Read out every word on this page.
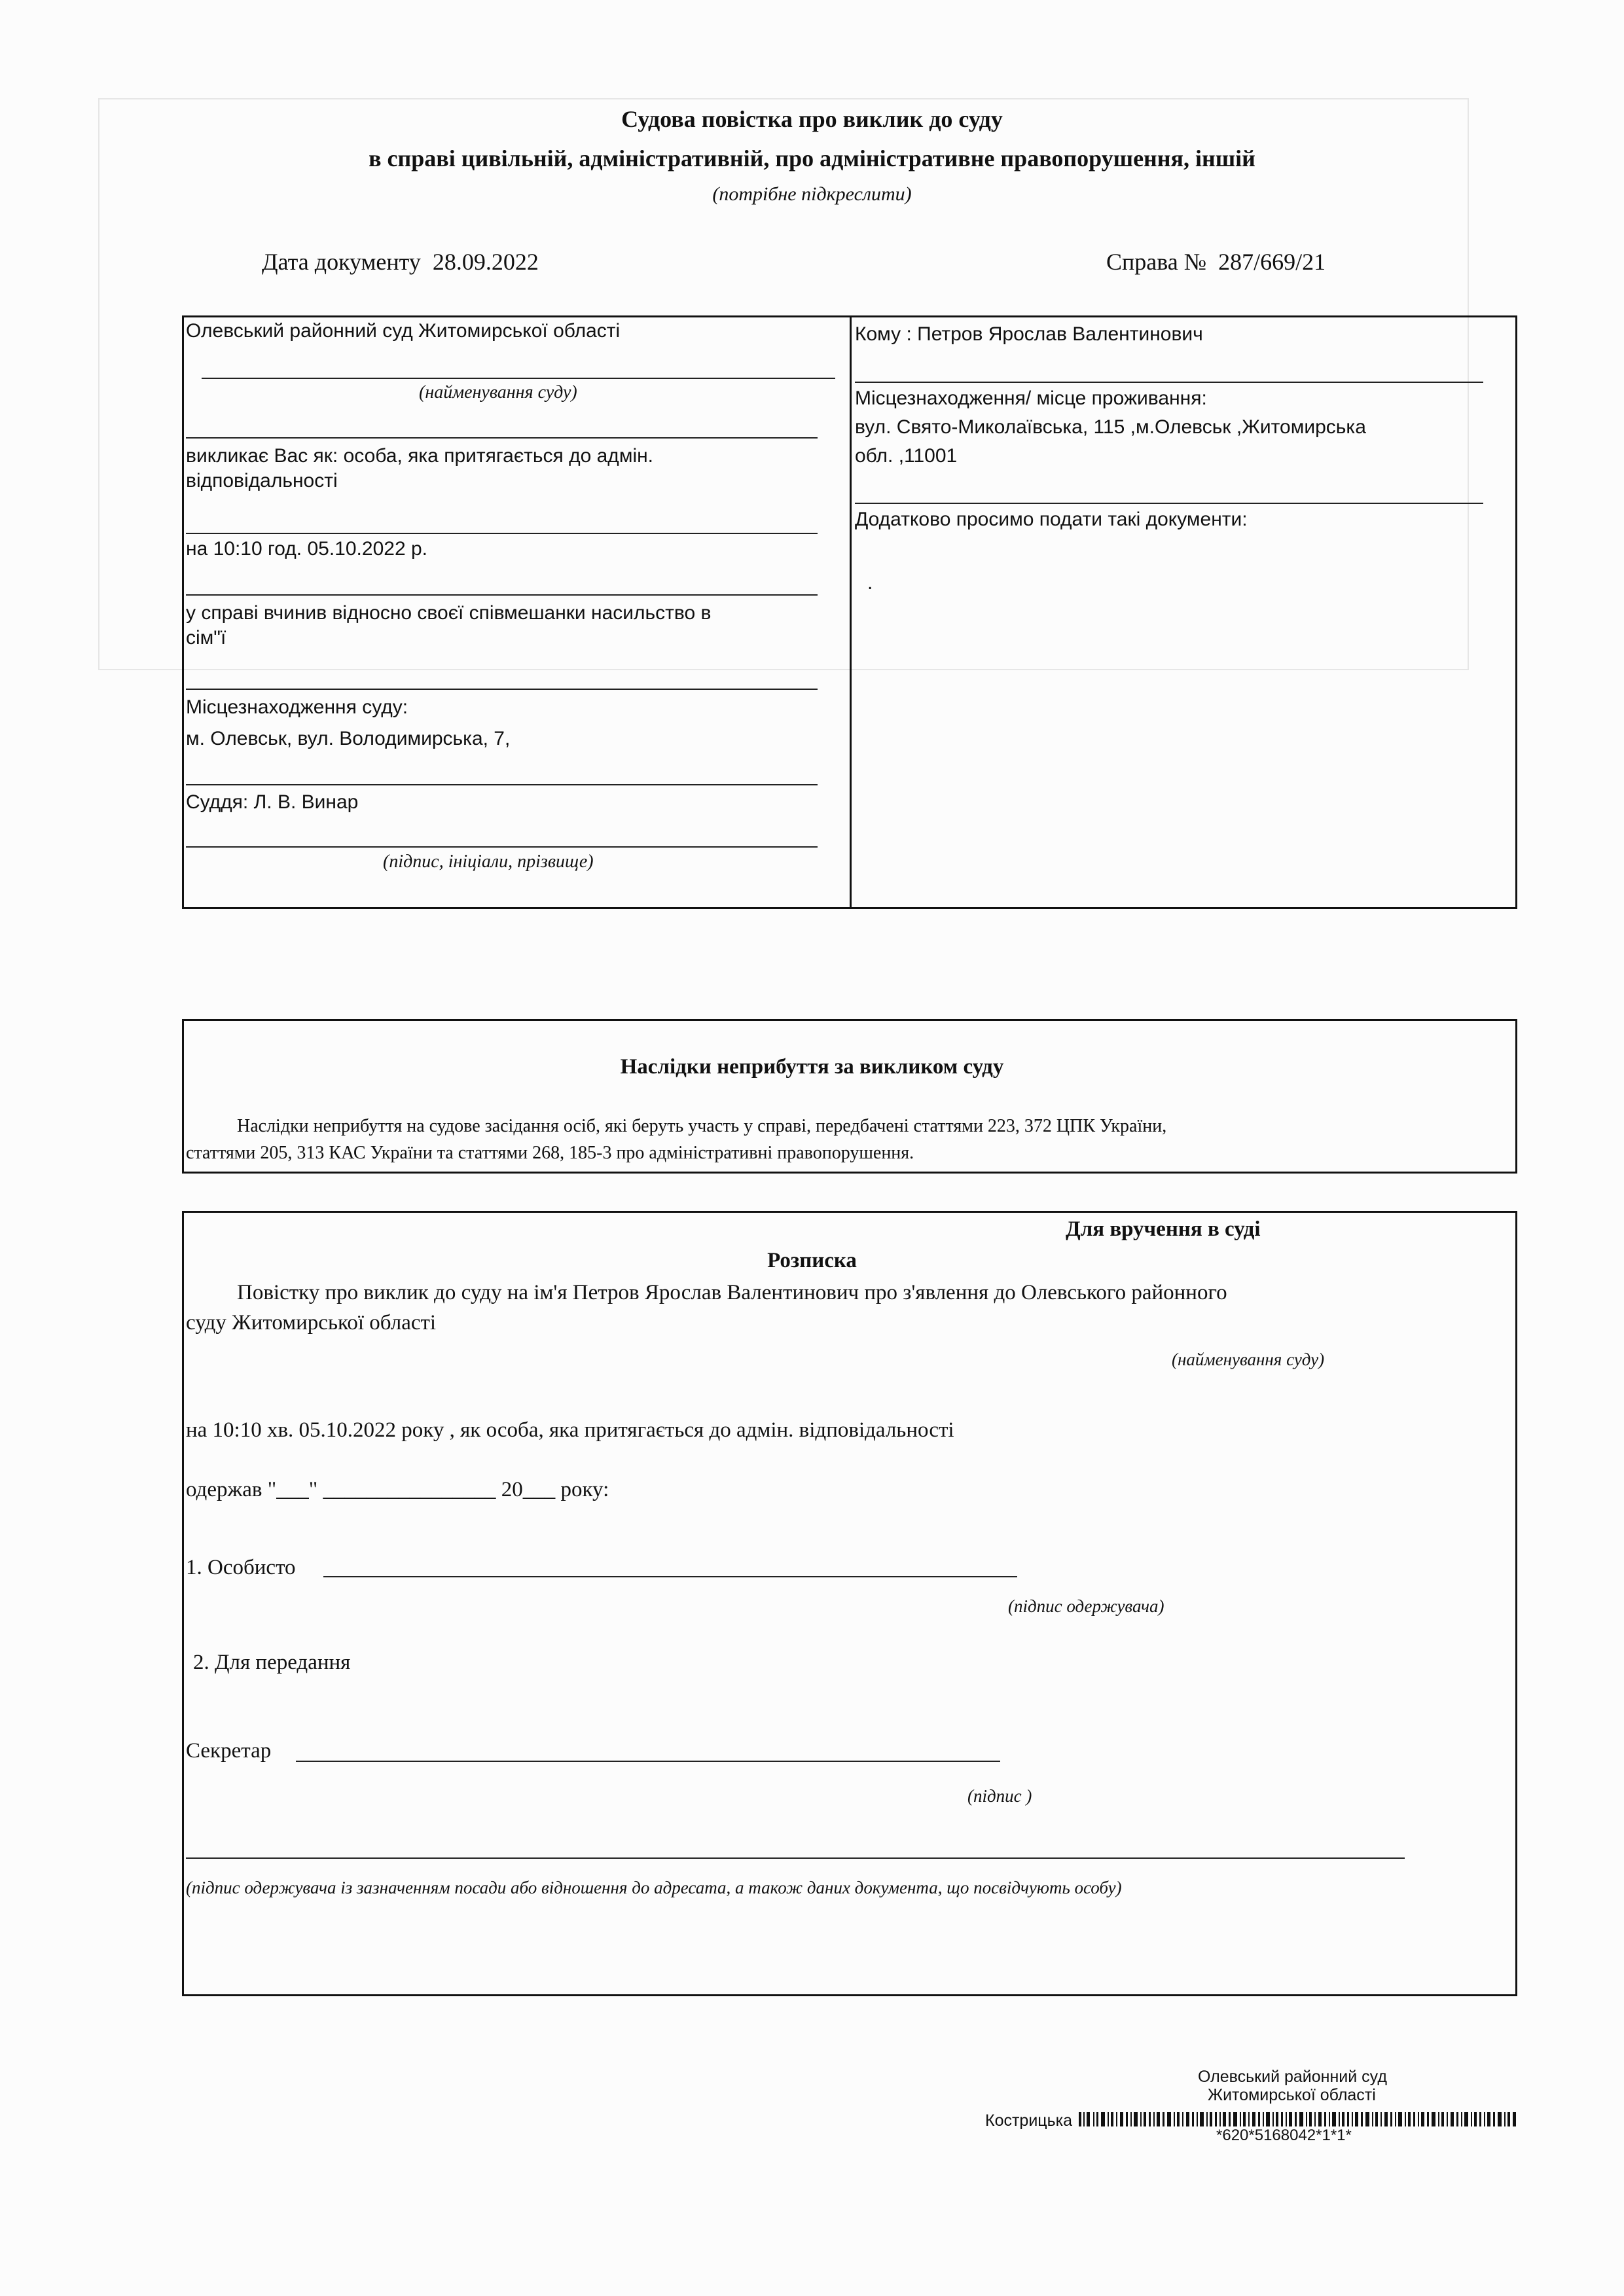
Судова повістка про виклик до суду
в справі цивільній, адміністративній, про адміністративне правопорушення, іншій
(потрібне підкреслити)
Дата документу 28.09.2022	Справа № 287/669/21
Олевський районний суд Житомирської області
(найменування суду)
викликає Вас як: особа, яка притягається до адмін.
відповідальності
на 10:10 год. 05.10.2022 р.
у справі вчинив відносно своєї співмешанки насильство в
сім"ї
Місцезнаходження суду:
м. Олевськ, вул. Володимирська, 7,
Суддя: Л. В. Винар
(підпис, ініціали, прізвище)
Кому : Петров Ярослав Валентинович
Місцезнаходження/ місце проживання:
вул. Свято-Миколаївська, 115 ,м.Олевськ ,Житомирська
обл. ,11001
Додатково просимо подати такі документи:
.
Наслідки неприбуття за викликом суду
Наслідки неприбуття на судове засідання осіб, які беруть участь у справі, передбачені статтями 223, 372 ЦПК України,
статтями 205, 313 КАС України та статтями 268, 185-3 про адміністративні правопорушення.
Для вручення в суді
Розписка
Повістку про виклик до суду на ім'я Петров Ярослав Валентинович про з'явлення до Олевського районного
суду Житомирської області
(найменування суду)
на 10:10 хв. 05.10.2022 року , як особа, яка притягається до адмін. відповідальності
одержав "___" ________________ 20___ року:
1. Особисто
(підпис одержувача)
2. Для передання
Секретар
(підпис )
(підпис одержувача із зазначенням посади або відношення до адресата, а також даних документа, що посвідчують особу)
Олевський районний суд
Житомирської області
Кострицька
*620*5168042*1*1*
